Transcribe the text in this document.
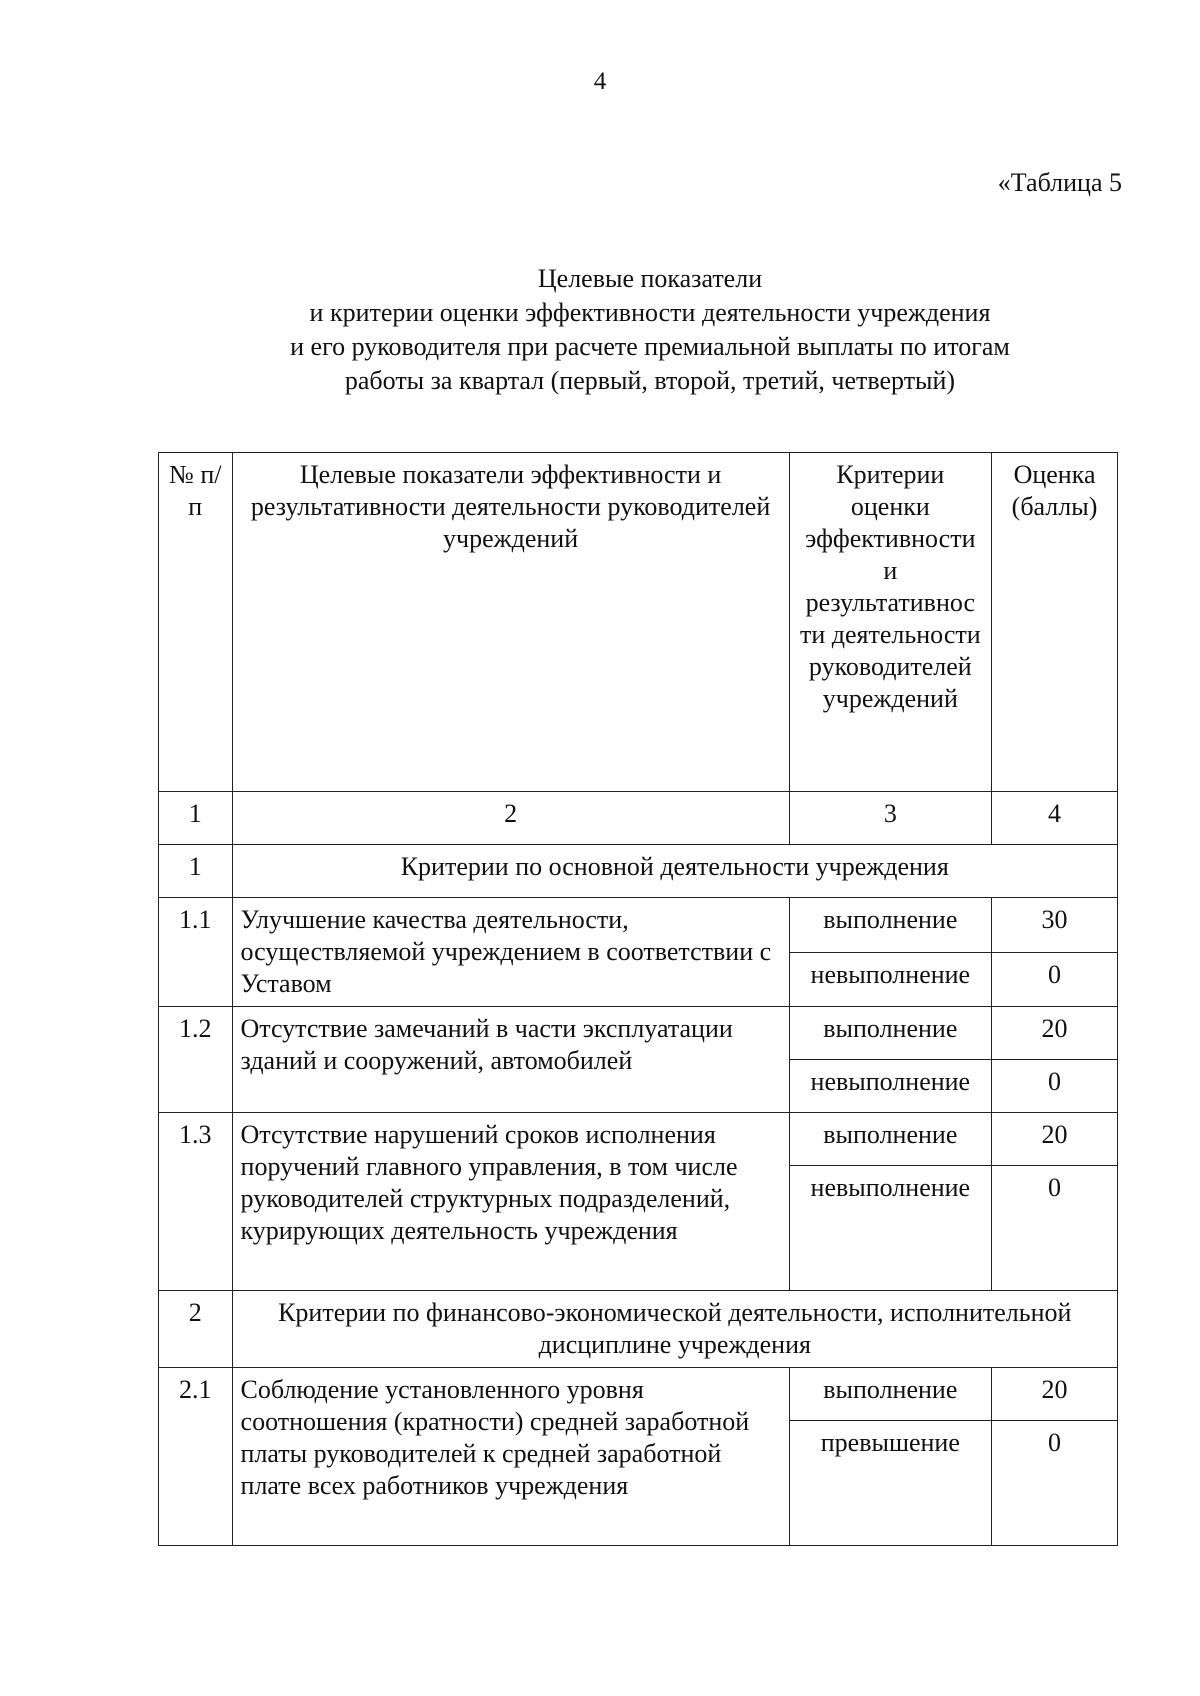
4
«Таблица 5
Целевые показатели
и критерии оценки эффективности деятельности учреждения
и его руководителя при расчете премиальной выплаты по итогам
работы за квартал (первый, второй, третий, четвертый)
№ п/п	Целевые показатели эффективности и результативности деятельности руководителей учреждений	Критерии оценки эффективности и результативнос ти деятельности руководителей учреждений	Оценка (баллы)
1	2	3	4
1	Критерии по основной деятельности учреждения		
1.1	Улучшение качества деятельности, осуществляемой учреждением в соответствии с Уставом	выполнение	30
		невыполнение	0
1.2	Отсутствие замечаний в части эксплуатации зданий и сооружений, автомобилей	выполнение	20
		невыполнение	0
1.3	Отсутствие нарушений сроков исполнения поручений главного управления, в том числе руководителей структурных подразделений, курирующих деятельность учреждения	выполнение	20
		невыполнение	0
2	Критерии по финансово-экономической деятельности, исполнительной дисциплине учреждения		
2.1	Соблюдение установленного уровня соотношения (кратности) средней заработной платы руководителей к средней заработной плате всех работников учреждения	выполнение	20
		превышение	0
